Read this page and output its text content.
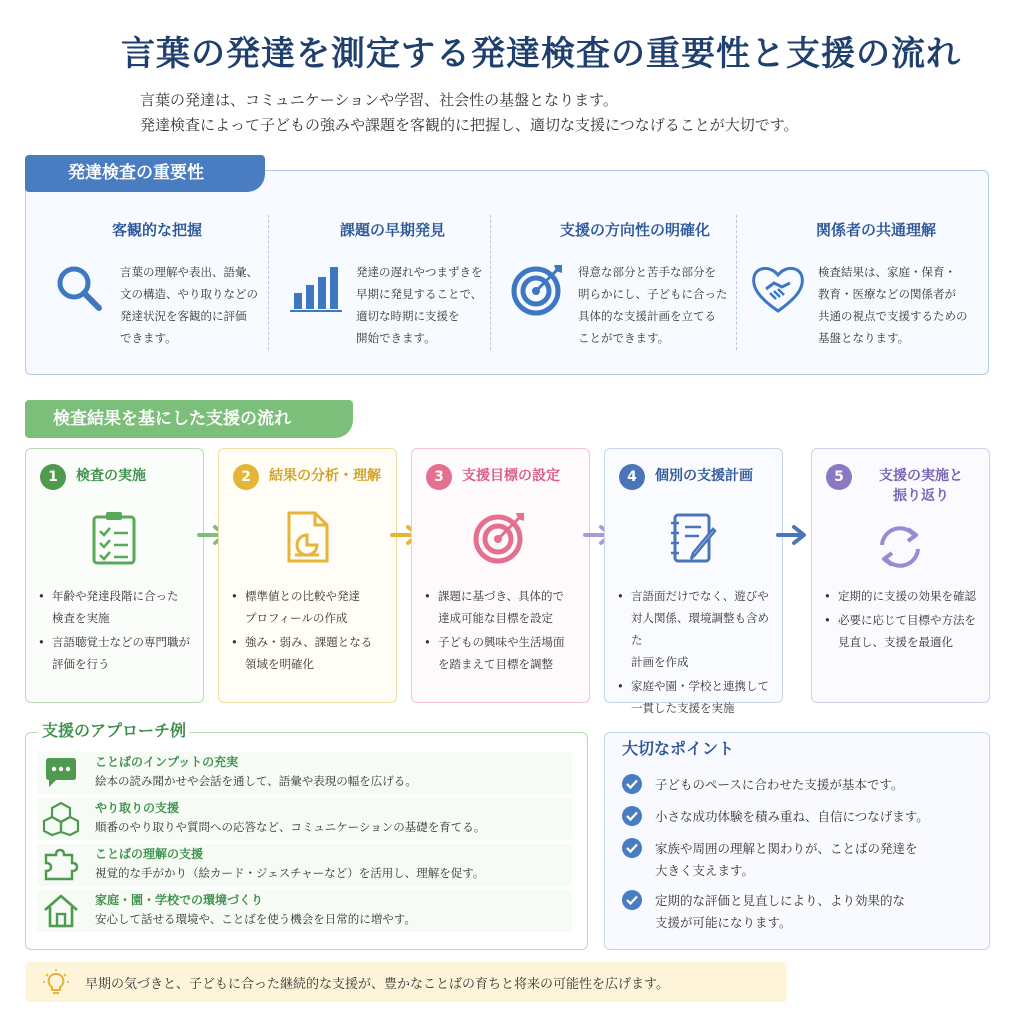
言葉の発達を測定する発達検査の重要性と支援の流れ

言葉の発達は、コミュニケーションや学習、社会性の基盤となります。

発達検査によって子どもの強みや課題を客観的に把握し、適切な支援につなげることが大切です。

発達検査の重要性
客観的な把握
言葉の理解や表出、語彙、
文の構造、やり取りなどの
発達状況を客観的に評価
できます。
課題の早期発見
発達の遅れやつまずきを
早期に発見することで、
適切な時期に支援を
開始できます。
支援の方向性の明確化
得意な部分と苦手な部分を
明らかにし、子どもに合った
具体的な支援計画を立てる
ことができます。
関係者の共通理解
検査結果は、家庭・保育・
教育・医療などの関係者が
共通の視点で支援するための
基盤となります。
検査結果を基にした支援の流れ
1	検査の実施
• 年齢や発達段階に合った
検査を実施
• 言語聴覚士などの専門職が
評価を行う
2	結果の分析・理解
• 標準値との比較や発達
プロフィールの作成
• 強み・弱み、課題となる
領域を明確化
3	支援目標の設定
• 課題に基づき、具体的で
達成可能な目標を設定
• 子どもの興味や生活場面
を踏まえて目標を調整
4	個別の支援計画
• 言語面だけでなく、遊びや
対人関係、環境調整も含めた
計画を作成
• 家庭や園・学校と連携して
一貫した支援を実施
5	支援の実施と
振り返り
• 定期的に支援の効果を確認
• 必要に応じて目標や方法を
見直し、支援を最適化
支援のアプローチ例
ことばのインプットの充実
絵本の読み聞かせや会話を通して、語彙や表現の幅を広げる。
やり取りの支援
順番のやり取りや質問への応答など、コミュニケーションの基礎を育てる。
ことばの理解の支援
視覚的な手がかり（絵カード・ジェスチャーなど）を活用し、理解を促す。
家庭・園・学校での環境づくり
安心して話せる環境や、ことばを使う機会を日常的に増やす。
大切なポイント
子どものペースに合わせた支援が基本です。
小さな成功体験を積み重ね、自信につなげます。
家族や周囲の理解と関わりが、ことばの発達を
大きく支えます。
定期的な評価と見直しにより、より効果的な
支援が可能になります。
早期の気づきと、子どもに合った継続的な支援が、豊かなことばの育ちと将来の可能性を広げます。
